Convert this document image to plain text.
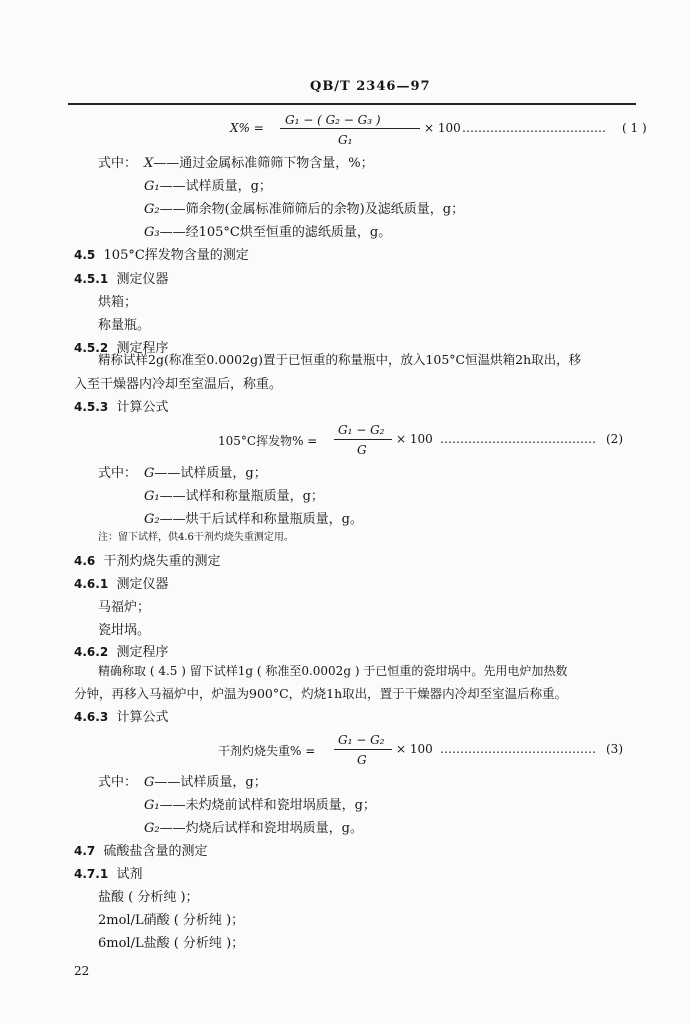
QB/T 2346—97
X% =
G₁ − ( G₂ − G₃ )
G₁
× 100 ……………………………… ( 1 )
式中： X——通过金属标准筛筛下物含量，%；
G₁——试样质量，g；
G₂——筛余物(金属标准筛筛后的余物)及滤纸质量，g；
G₃——经105°C烘至恒重的滤纸质量，g。
4.5 105°C挥发物含量的测定
4.5.1 测定仪器
烘箱；
称量瓶。
4.5.2 测定程序
精称试样2g(称准至0.0002g)置于已恒重的称量瓶中，放入105°C恒温烘箱2h取出，移
入至干燥器内冷却至室温后，称重。
4.5.3 计算公式
105°C挥发物% =
G₁ − G₂
G
× 100 ………………………………… (2)
式中： G——试样质量，g；
G₁——试样和称量瓶质量，g；
G₂——烘干后试样和称量瓶质量，g。
注：留下试样，供4.6干剂灼烧失重测定用。
4.6 干剂灼烧失重的测定
4.6.1 测定仪器
马福炉；
瓷坩埚。
4.6.2 测定程序
精确称取 ( 4.5 ) 留下试样1g ( 称准至0.0002g ) 于已恒重的瓷坩埚中。先用电炉加热数
分钟，再移入马福炉中，炉温为900°C，灼烧1h取出，置于干燥器内冷却至室温后称重。
4.6.3 计算公式
干剂灼烧失重% =
G₁ − G₂
G
× 100 ………………………………… (3)
式中： G——试样质量，g；
G₁——未灼烧前试样和瓷坩埚质量，g；
G₂——灼烧后试样和瓷坩埚质量，g。
4.7 硫酸盐含量的测定
4.7.1 试剂
盐酸 ( 分析纯 )；
2mol/L硝酸 ( 分析纯 )；
6mol/L盐酸 ( 分析纯 )；
22
